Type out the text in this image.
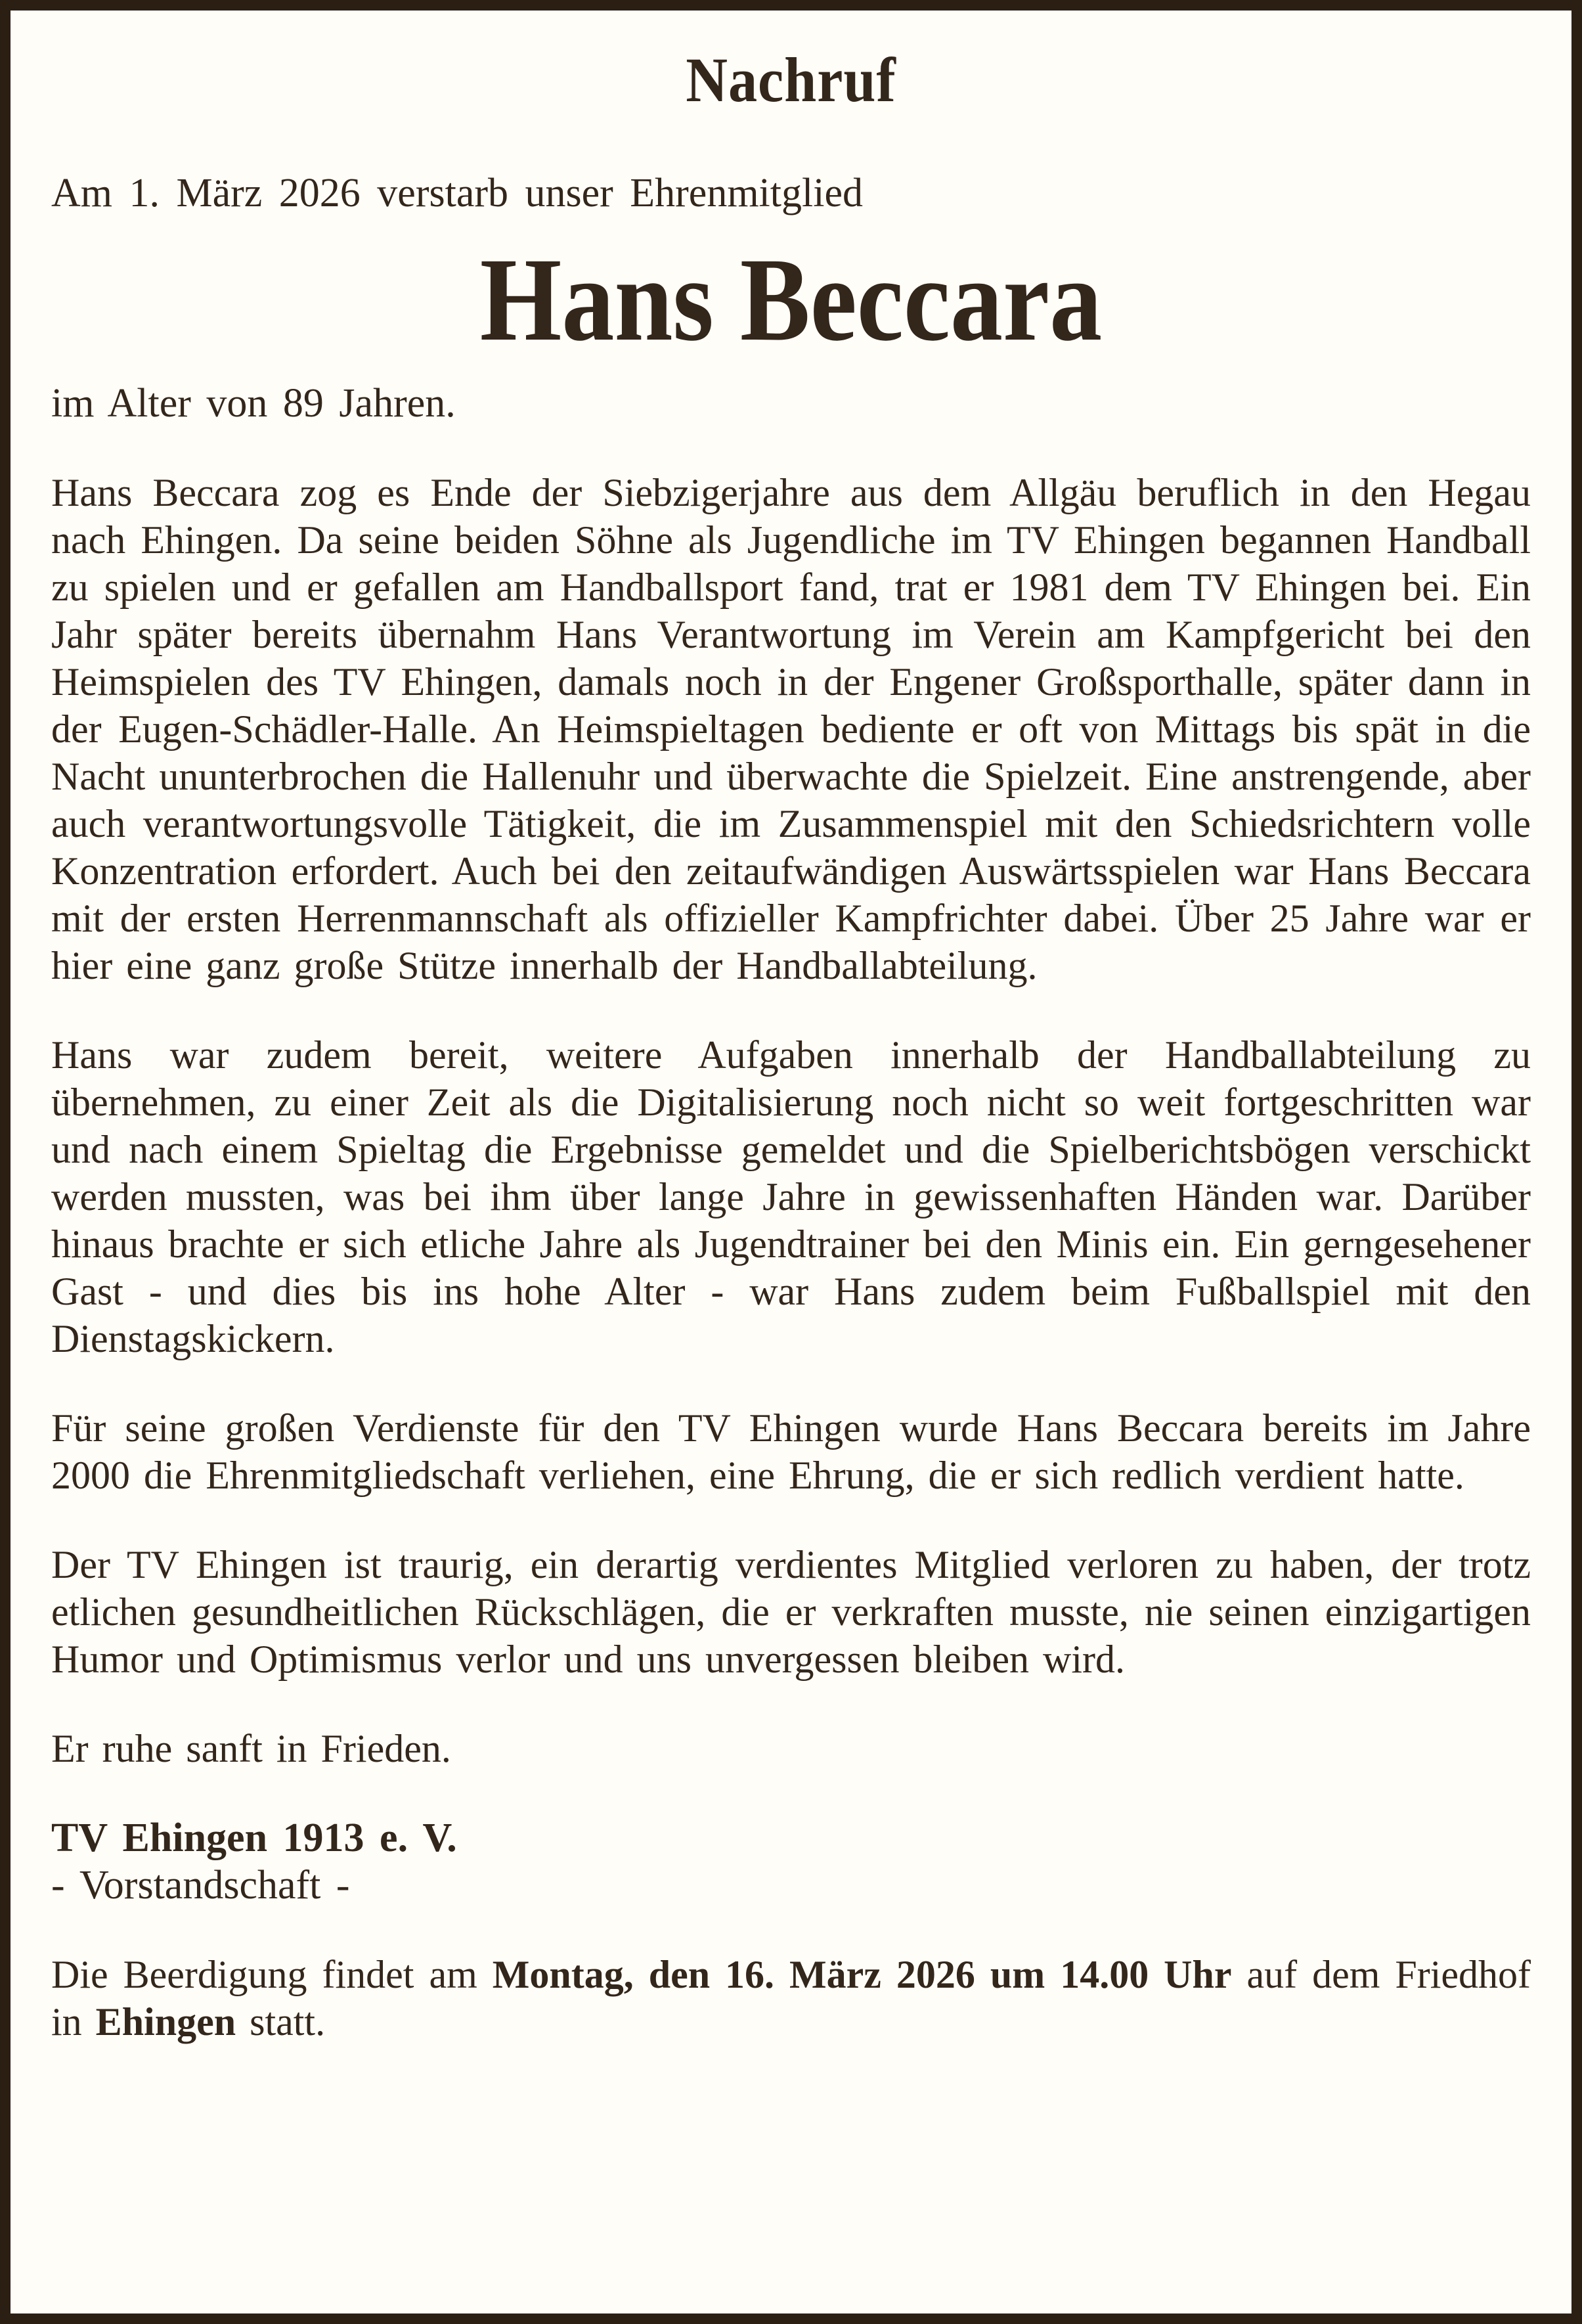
Nachruf

Am 1. März 2026 verstarb unser Ehrenmitglied

Hans Beccara

im Alter von 89 Jahren.

Hans Beccara zog es Ende der Siebzigerjahre aus dem Allgäu beruflich in den Hegau nach Ehingen. Da seine beiden Söhne als Jugendliche im TV Ehingen begannen Handball zu spielen und er gefallen am Handballsport fand, trat er 1981 dem TV Ehingen bei. Ein Jahr später bereits übernahm Hans Verantwortung im Verein am Kampfgericht bei den Heimspielen des TV Ehingen, damals noch in der Engener Großsporthalle, später dann in der Eugen-Schädler-Halle. An Heimspieltagen bediente er oft von Mittags bis spät in die Nacht ununterbrochen die Hallenuhr und überwachte die Spielzeit. Eine anstrengende, aber auch verantwortungsvolle Tätigkeit, die im Zusammenspiel mit den Schiedsrichtern volle Konzentration erfordert. Auch bei den zeitaufwändigen Auswärtsspielen war Hans Beccara mit der ersten Herrenmannschaft als offizieller Kampfrichter dabei. Über 25 Jahre war er hier eine ganz große Stütze innerhalb der Handballabteilung.

Hans war zudem bereit, weitere Aufgaben innerhalb der Handballabteilung zu übernehmen, zu einer Zeit als die Digitalisierung noch nicht so weit fortgeschritten war und nach einem Spieltag die Ergebnisse gemeldet und die Spielberichtsbögen verschickt werden mussten, was bei ihm über lange Jahre in gewissenhaften Händen war. Darüber hinaus brachte er sich etliche Jahre als Jugendtrainer bei den Minis ein. Ein gerngesehener Gast - und dies bis ins hohe Alter - war Hans zudem beim Fußballspiel mit den Dienstagskickern.

Für seine großen Verdienste für den TV Ehingen wurde Hans Beccara bereits im Jahre 2000 die Ehrenmitgliedschaft verliehen, eine Ehrung, die er sich redlich verdient hatte.

Der TV Ehingen ist traurig, ein derartig verdientes Mitglied verloren zu haben, der trotz etlichen gesundheitlichen Rückschlägen, die er verkraften musste, nie seinen einzigartigen Humor und Optimismus verlor und uns unvergessen bleiben wird.

Er ruhe sanft in Frieden.

TV Ehingen 1913 e. V.

- Vorstandschaft -

Die Beerdigung findet am Montag, den 16. März 2026 um 14.00 Uhr auf dem Friedhof in Ehingen statt.
